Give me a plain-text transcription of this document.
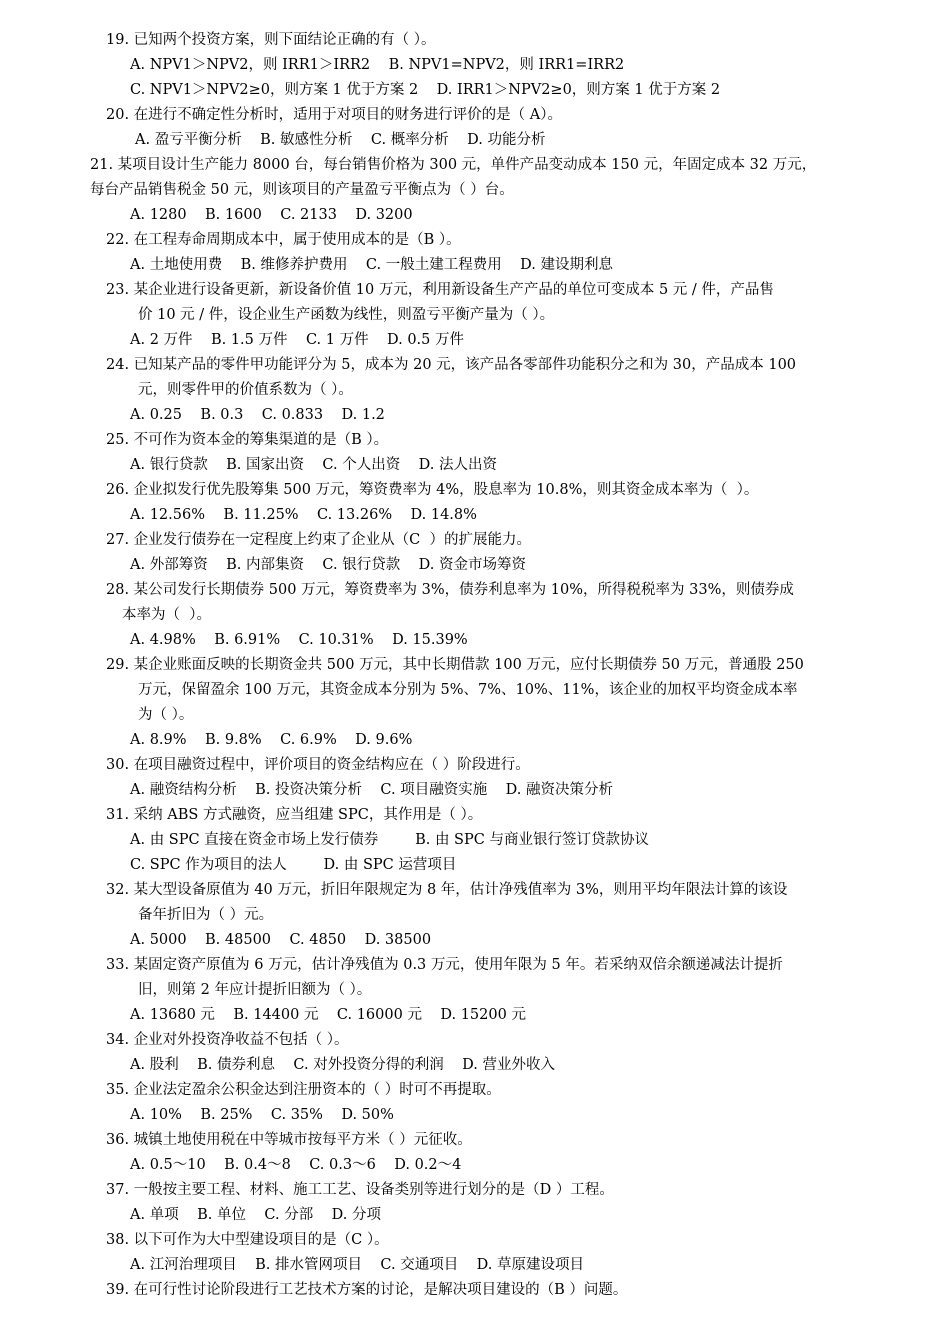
19. 已知两个投资方案，则下面结论正确的有（ ）。
A. NPV1＞NPV2，则 IRR1＞IRR2    B. NPV1=NPV2，则 IRR1=IRR2
C. NPV1＞NPV2≥0，则方案 1 优于方案 2    D. IRR1＞NPV2≥0，则方案 1 优于方案 2
20. 在进行不确定性分析时，适用于对项目的财务进行评价的是（ A）。
A. 盈亏平衡分析    B. 敏感性分析    C. 概率分析    D. 功能分析
21. 某项目设计生产能力 8000 台，每台销售价格为 300 元，单件产品变动成本 150 元，年固定成本 32 万元，
每台产品销售税金 50 元，则该项目的产量盈亏平衡点为（ ）台。
A. 1280    B. 1600    C. 2133    D. 3200
22. 在工程寿命周期成本中，属于使用成本的是（B ）。
A. 土地使用费    B. 维修养护费用    C. 一般土建工程费用    D. 建设期利息
23. 某企业进行设备更新，新设备价值 10 万元，利用新设备生产产品的单位可变成本 5 元 / 件，产品售
价 10 元 / 件，设企业生产函数为线性，则盈亏平衡产量为（ ）。
A. 2 万件    B. 1.5 万件    C. 1 万件    D. 0.5 万件
24. 已知某产品的零件甲功能评分为 5，成本为 20 元，该产品各零部件功能积分之和为 30，产品成本 100
元，则零件甲的价值系数为（ ）。
A. 0.25    B. 0.3    C. 0.833    D. 1.2
25. 不可作为资本金的筹集渠道的是（B ）。
A. 银行贷款    B. 国家出资    C. 个人出资    D. 法人出资
26. 企业拟发行优先股筹集 500 万元，筹资费率为 4%，股息率为 10.8%，则其资金成本率为（  ）。
A. 12.56%    B. 11.25%    C. 13.26%    D. 14.8%
27. 企业发行债券在一定程度上约束了企业从（C  ）的扩展能力。
A. 外部筹资    B. 内部集资    C. 银行贷款    D. 资金市场筹资
28. 某公司发行长期债券 500 万元，筹资费率为 3%，债券利息率为 10%，所得税税率为 33%，则债券成
本率为（  ）。
A. 4.98%    B. 6.91%    C. 10.31%    D. 15.39%
29. 某企业账面反映的长期资金共 500 万元，其中长期借款 100 万元，应付长期债券 50 万元，普通股 250
万元，保留盈余 100 万元，其资金成本分别为 5%、7%、10%、11%，该企业的加权平均资金成本率
为（ ）。
A. 8.9%    B. 9.8%    C. 6.9%    D. 9.6%
30. 在项目融资过程中，评价项目的资金结构应在（ ）阶段进行。
A. 融资结构分析    B. 投资决策分析    C. 项目融资实施    D. 融资决策分析
31. 采纳 ABS 方式融资，应当组建 SPC，其作用是（ ）。
A. 由 SPC 直接在资金市场上发行债券        B. 由 SPC 与商业银行签订贷款协议
C. SPC 作为项目的法人        D. 由 SPC 运营项目
32. 某大型设备原值为 40 万元，折旧年限规定为 8 年，估计净残值率为 3%，则用平均年限法计算的该设
备年折旧为（ ）元。
A. 5000    B. 48500    C. 4850    D. 38500
33. 某固定资产原值为 6 万元，估计净残值为 0.3 万元，使用年限为 5 年。若采纳双倍余额递减法计提折
旧，则第 2 年应计提折旧额为（ ）。
A. 13680 元    B. 14400 元    C. 16000 元    D. 15200 元
34. 企业对外投资净收益不包括（ ）。
A. 股利    B. 债券利息    C. 对外投资分得的利润    D. 营业外收入
35. 企业法定盈余公积金达到注册资本的（ ）时可不再提取。
A. 10%    B. 25%    C. 35%    D. 50%
36. 城镇土地使用税在中等城市按每平方米（ ）元征收。
A. 0.5～10    B. 0.4～8    C. 0.3～6    D. 0.2～4
37. 一般按主要工程、材料、施工工艺、设备类别等进行划分的是（D ）工程。
A. 单项    B. 单位    C. 分部    D. 分项
38. 以下可作为大中型建设项目的是（C ）。
A. 江河治理项目    B. 排水管网项目    C. 交通项目    D. 草原建设项目
39. 在可行性讨论阶段进行工艺技术方案的讨论，是解决项目建设的（B ）问题。
